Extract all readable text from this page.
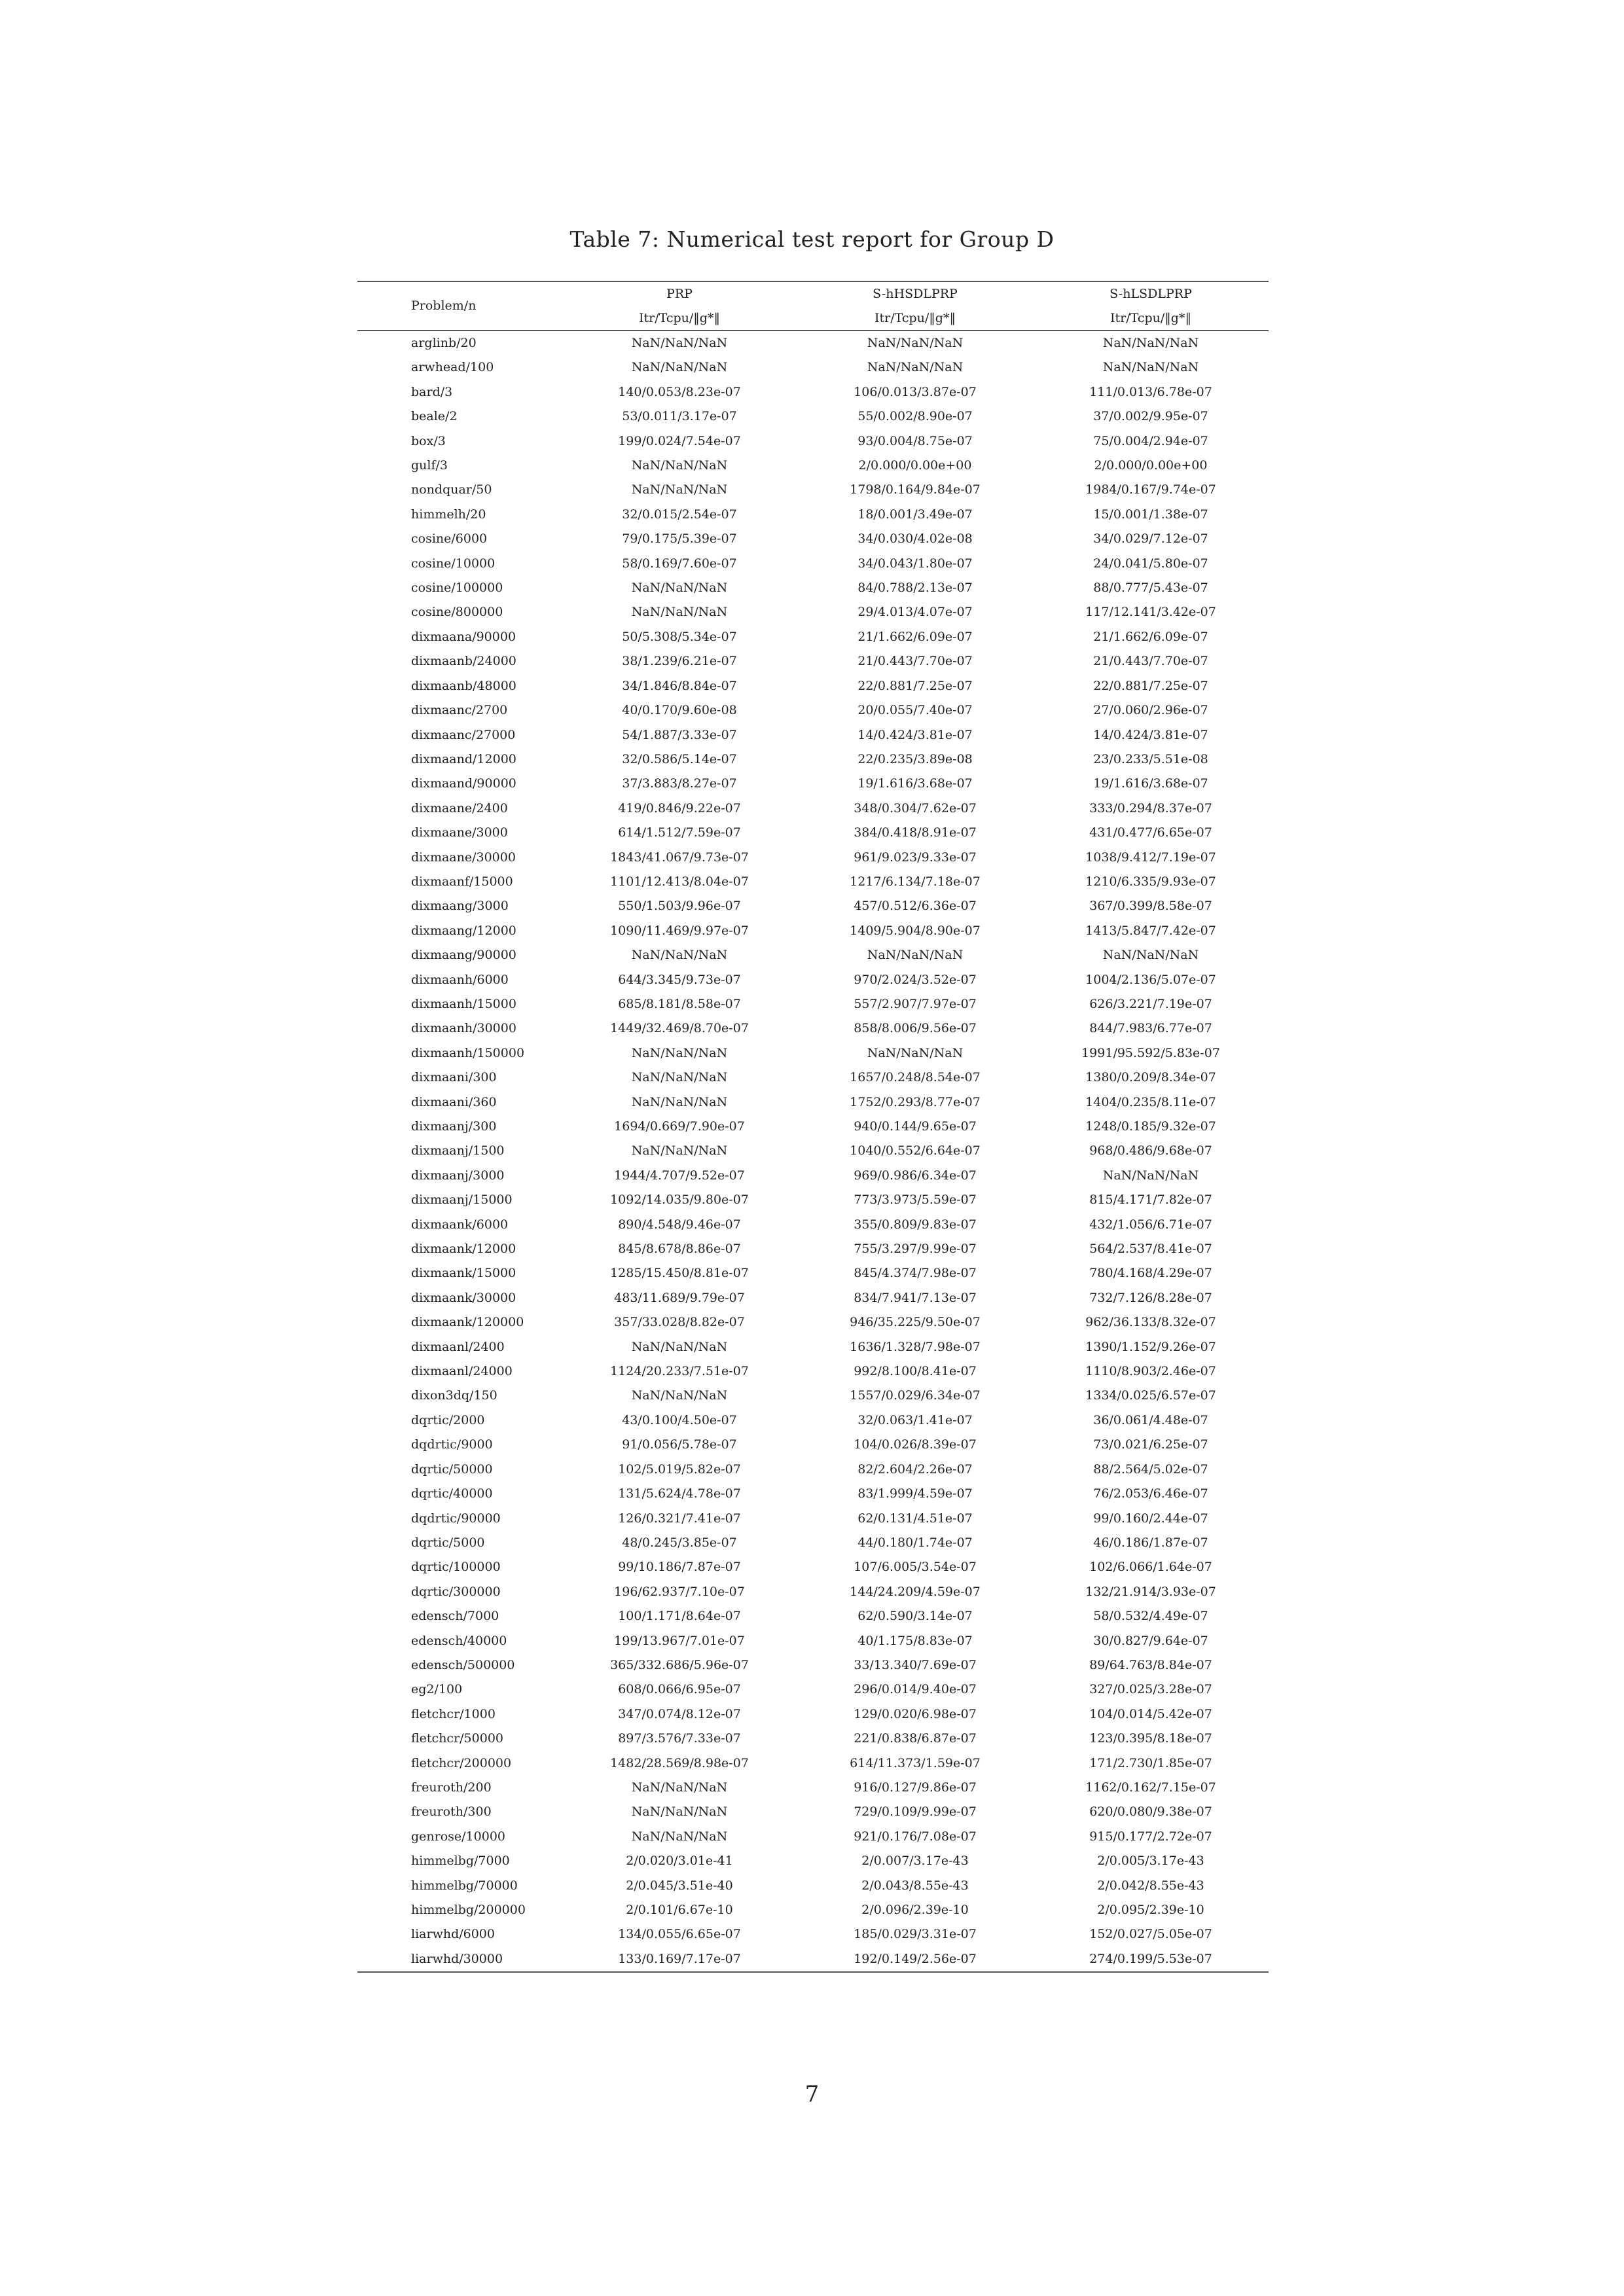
Table 7: Numerical test report for Group D
Problem/n	PRP	S-hHSDLPRP	S-hLSDLPRP
	Itr/Tcpu/‖g*‖	Itr/Tcpu/‖g*‖	Itr/Tcpu/‖g*‖
arglinb/20	NaN/NaN/NaN	NaN/NaN/NaN	NaN/NaN/NaN
arwhead/100	NaN/NaN/NaN	NaN/NaN/NaN	NaN/NaN/NaN
bard/3	140/0.053/8.23e-07	106/0.013/3.87e-07	111/0.013/6.78e-07
beale/2	53/0.011/3.17e-07	55/0.002/8.90e-07	37/0.002/9.95e-07
box/3	199/0.024/7.54e-07	93/0.004/8.75e-07	75/0.004/2.94e-07
gulf/3	NaN/NaN/NaN	2/0.000/0.00e+00	2/0.000/0.00e+00
nondquar/50	NaN/NaN/NaN	1798/0.164/9.84e-07	1984/0.167/9.74e-07
himmelh/20	32/0.015/2.54e-07	18/0.001/3.49e-07	15/0.001/1.38e-07
cosine/6000	79/0.175/5.39e-07	34/0.030/4.02e-08	34/0.029/7.12e-07
cosine/10000	58/0.169/7.60e-07	34/0.043/1.80e-07	24/0.041/5.80e-07
cosine/100000	NaN/NaN/NaN	84/0.788/2.13e-07	88/0.777/5.43e-07
cosine/800000	NaN/NaN/NaN	29/4.013/4.07e-07	117/12.141/3.42e-07
dixmaana/90000	50/5.308/5.34e-07	21/1.662/6.09e-07	21/1.662/6.09e-07
dixmaanb/24000	38/1.239/6.21e-07	21/0.443/7.70e-07	21/0.443/7.70e-07
dixmaanb/48000	34/1.846/8.84e-07	22/0.881/7.25e-07	22/0.881/7.25e-07
dixmaanc/2700	40/0.170/9.60e-08	20/0.055/7.40e-07	27/0.060/2.96e-07
dixmaanc/27000	54/1.887/3.33e-07	14/0.424/3.81e-07	14/0.424/3.81e-07
dixmaand/12000	32/0.586/5.14e-07	22/0.235/3.89e-08	23/0.233/5.51e-08
dixmaand/90000	37/3.883/8.27e-07	19/1.616/3.68e-07	19/1.616/3.68e-07
dixmaane/2400	419/0.846/9.22e-07	348/0.304/7.62e-07	333/0.294/8.37e-07
dixmaane/3000	614/1.512/7.59e-07	384/0.418/8.91e-07	431/0.477/6.65e-07
dixmaane/30000	1843/41.067/9.73e-07	961/9.023/9.33e-07	1038/9.412/7.19e-07
dixmaanf/15000	1101/12.413/8.04e-07	1217/6.134/7.18e-07	1210/6.335/9.93e-07
dixmaang/3000	550/1.503/9.96e-07	457/0.512/6.36e-07	367/0.399/8.58e-07
dixmaang/12000	1090/11.469/9.97e-07	1409/5.904/8.90e-07	1413/5.847/7.42e-07
dixmaang/90000	NaN/NaN/NaN	NaN/NaN/NaN	NaN/NaN/NaN
dixmaanh/6000	644/3.345/9.73e-07	970/2.024/3.52e-07	1004/2.136/5.07e-07
dixmaanh/15000	685/8.181/8.58e-07	557/2.907/7.97e-07	626/3.221/7.19e-07
dixmaanh/30000	1449/32.469/8.70e-07	858/8.006/9.56e-07	844/7.983/6.77e-07
dixmaanh/150000	NaN/NaN/NaN	NaN/NaN/NaN	1991/95.592/5.83e-07
dixmaani/300	NaN/NaN/NaN	1657/0.248/8.54e-07	1380/0.209/8.34e-07
dixmaani/360	NaN/NaN/NaN	1752/0.293/8.77e-07	1404/0.235/8.11e-07
dixmaanj/300	1694/0.669/7.90e-07	940/0.144/9.65e-07	1248/0.185/9.32e-07
dixmaanj/1500	NaN/NaN/NaN	1040/0.552/6.64e-07	968/0.486/9.68e-07
dixmaanj/3000	1944/4.707/9.52e-07	969/0.986/6.34e-07	NaN/NaN/NaN
dixmaanj/15000	1092/14.035/9.80e-07	773/3.973/5.59e-07	815/4.171/7.82e-07
dixmaank/6000	890/4.548/9.46e-07	355/0.809/9.83e-07	432/1.056/6.71e-07
dixmaank/12000	845/8.678/8.86e-07	755/3.297/9.99e-07	564/2.537/8.41e-07
dixmaank/15000	1285/15.450/8.81e-07	845/4.374/7.98e-07	780/4.168/4.29e-07
dixmaank/30000	483/11.689/9.79e-07	834/7.941/7.13e-07	732/7.126/8.28e-07
dixmaank/120000	357/33.028/8.82e-07	946/35.225/9.50e-07	962/36.133/8.32e-07
dixmaanl/2400	NaN/NaN/NaN	1636/1.328/7.98e-07	1390/1.152/9.26e-07
dixmaanl/24000	1124/20.233/7.51e-07	992/8.100/8.41e-07	1110/8.903/2.46e-07
dixon3dq/150	NaN/NaN/NaN	1557/0.029/6.34e-07	1334/0.025/6.57e-07
dqrtic/2000	43/0.100/4.50e-07	32/0.063/1.41e-07	36/0.061/4.48e-07
dqdrtic/9000	91/0.056/5.78e-07	104/0.026/8.39e-07	73/0.021/6.25e-07
dqrtic/50000	102/5.019/5.82e-07	82/2.604/2.26e-07	88/2.564/5.02e-07
dqrtic/40000	131/5.624/4.78e-07	83/1.999/4.59e-07	76/2.053/6.46e-07
dqdrtic/90000	126/0.321/7.41e-07	62/0.131/4.51e-07	99/0.160/2.44e-07
dqrtic/5000	48/0.245/3.85e-07	44/0.180/1.74e-07	46/0.186/1.87e-07
dqrtic/100000	99/10.186/7.87e-07	107/6.005/3.54e-07	102/6.066/1.64e-07
dqrtic/300000	196/62.937/7.10e-07	144/24.209/4.59e-07	132/21.914/3.93e-07
edensch/7000	100/1.171/8.64e-07	62/0.590/3.14e-07	58/0.532/4.49e-07
edensch/40000	199/13.967/7.01e-07	40/1.175/8.83e-07	30/0.827/9.64e-07
edensch/500000	365/332.686/5.96e-07	33/13.340/7.69e-07	89/64.763/8.84e-07
eg2/100	608/0.066/6.95e-07	296/0.014/9.40e-07	327/0.025/3.28e-07
fletchcr/1000	347/0.074/8.12e-07	129/0.020/6.98e-07	104/0.014/5.42e-07
fletchcr/50000	897/3.576/7.33e-07	221/0.838/6.87e-07	123/0.395/8.18e-07
fletchcr/200000	1482/28.569/8.98e-07	614/11.373/1.59e-07	171/2.730/1.85e-07
freuroth/200	NaN/NaN/NaN	916/0.127/9.86e-07	1162/0.162/7.15e-07
freuroth/300	NaN/NaN/NaN	729/0.109/9.99e-07	620/0.080/9.38e-07
genrose/10000	NaN/NaN/NaN	921/0.176/7.08e-07	915/0.177/2.72e-07
himmelbg/7000	2/0.020/3.01e-41	2/0.007/3.17e-43	2/0.005/3.17e-43
himmelbg/70000	2/0.045/3.51e-40	2/0.043/8.55e-43	2/0.042/8.55e-43
himmelbg/200000	2/0.101/6.67e-10	2/0.096/2.39e-10	2/0.095/2.39e-10
liarwhd/6000	134/0.055/6.65e-07	185/0.029/3.31e-07	152/0.027/5.05e-07
liarwhd/30000	133/0.169/7.17e-07	192/0.149/2.56e-07	274/0.199/5.53e-07
7
